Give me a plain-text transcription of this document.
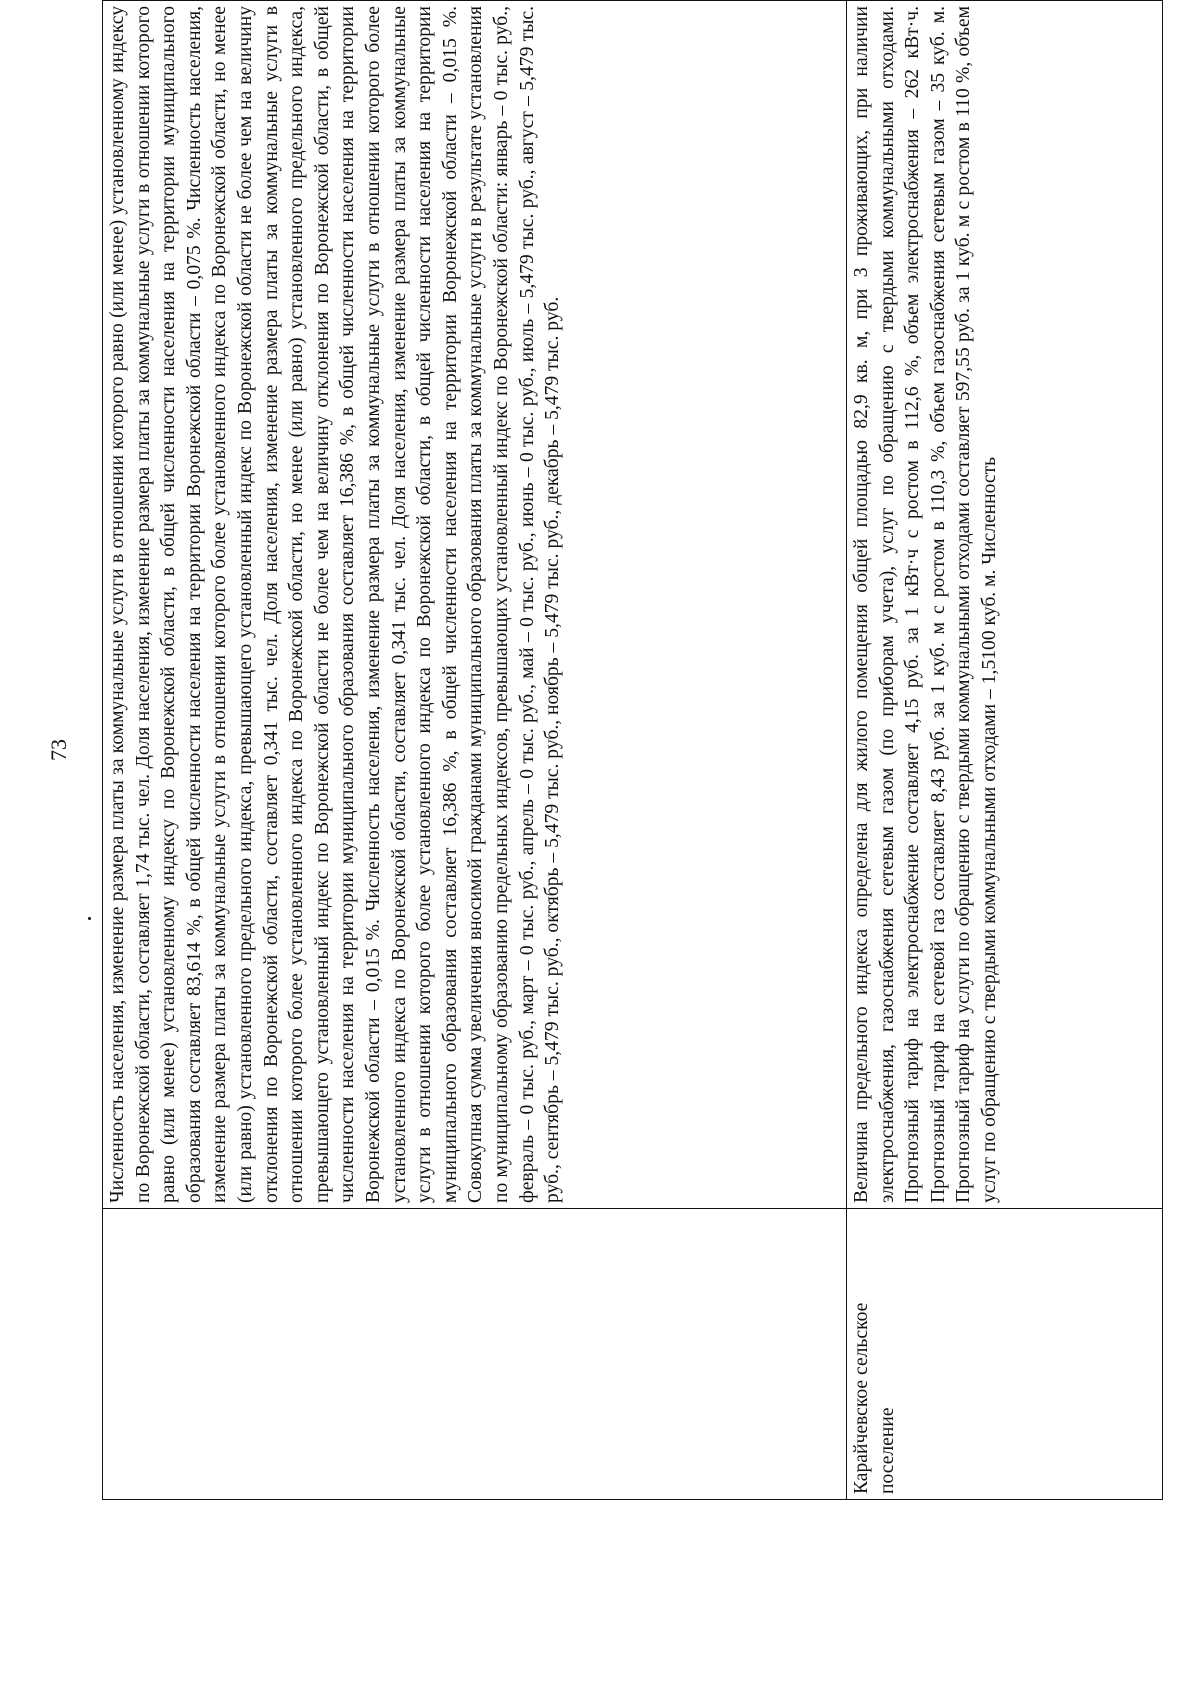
73

	Численность населения, изменение размера платы за коммунальные услуги в отношении которого равно (или менее) установленному индексу по Воронежской области, составляет 1,74 тыс. чел. Доля населения, изменение размера платы за коммунальные услуги в отношении которого равно (или менее) установленному индексу по Воронежской области, в общей численности населения на территории муниципального образования составляет 83,614 %, в общей численности населения на территории Воронежской области – 0,075 %. Численность населения, изменение размера платы за коммунальные услуги в отношении которого более установленного индекса по Воронежской области, но менее (или равно) установленного предельного индекса, превышающего установленный индекс по Воронежской области не более чем на величину отклонения по Воронежской области, составляет 0,341 тыс. чел. Доля населения, изменение размера платы за коммунальные услуги в отношении которого более установленного индекса по Воронежской области, но менее (или равно) установленного предельного индекса, превышающего установленный индекс по Воронежской области не более чем на величину отклонения по Воронежской области, в общей численности населения на территории муниципального образования составляет 16,386 %, в общей численности населения на территории Воронежской области – 0,015 %. Численность населения, изменение размера платы за коммунальные услуги в отношении которого более установленного индекса по Воронежской области, составляет 0,341 тыс. чел. Доля населения, изменение размера платы за коммунальные услуги в отношении которого более установленного индекса по Воронежской области, в общей численности населения на территории муниципального образования составляет 16,386 %, в общей численности населения на территории Воронежской области – 0,015 %. Совокупная сумма увеличения вносимой гражданами муниципального образования платы за коммунальные услуги в результате установления по муниципальному образованию предельных индексов, превышающих установленный индекс по Воронежской области: январь – 0 тыс. руб., февраль – 0 тыс. руб., март – 0 тыс. руб., апрель – 0 тыс. руб., май – 0 тыс. руб., июнь – 0 тыс. руб., июль – 5,479 тыс. руб., август – 5,479 тыс. руб., сентябрь – 5,479 тыс. руб., октябрь – 5,479 тыс. руб., ноябрь – 5,479 тыс. руб., декабрь – 5,479 тыс. руб.

Карайчевское сельское поселение	Величина предельного индекса определена для жилого помещения общей площадью 82,9 кв. м, при 3 проживающих, при наличии электроснабжения, газоснабжения сетевым газом (по приборам учета), услуг по обращению с твердыми коммунальными отходами. Прогнозный тариф на электроснабжение составляет 4,15 руб. за 1 кВт·ч с ростом в 112,6 %, объем электроснабжения – 262 кВт·ч. Прогнозный тариф на сетевой газ составляет 8,43 руб. за 1 куб. м с ростом в 110,3 %, объем газоснабжения сетевым газом – 35 куб. м. Прогнозный тариф на услуги по обращению с твердыми коммунальными отходами составляет 597,55 руб. за 1 куб. м с ростом в 110 %, объем услуг по обращению с твердыми коммунальными отходами – 1,5100 куб. м. Численность
